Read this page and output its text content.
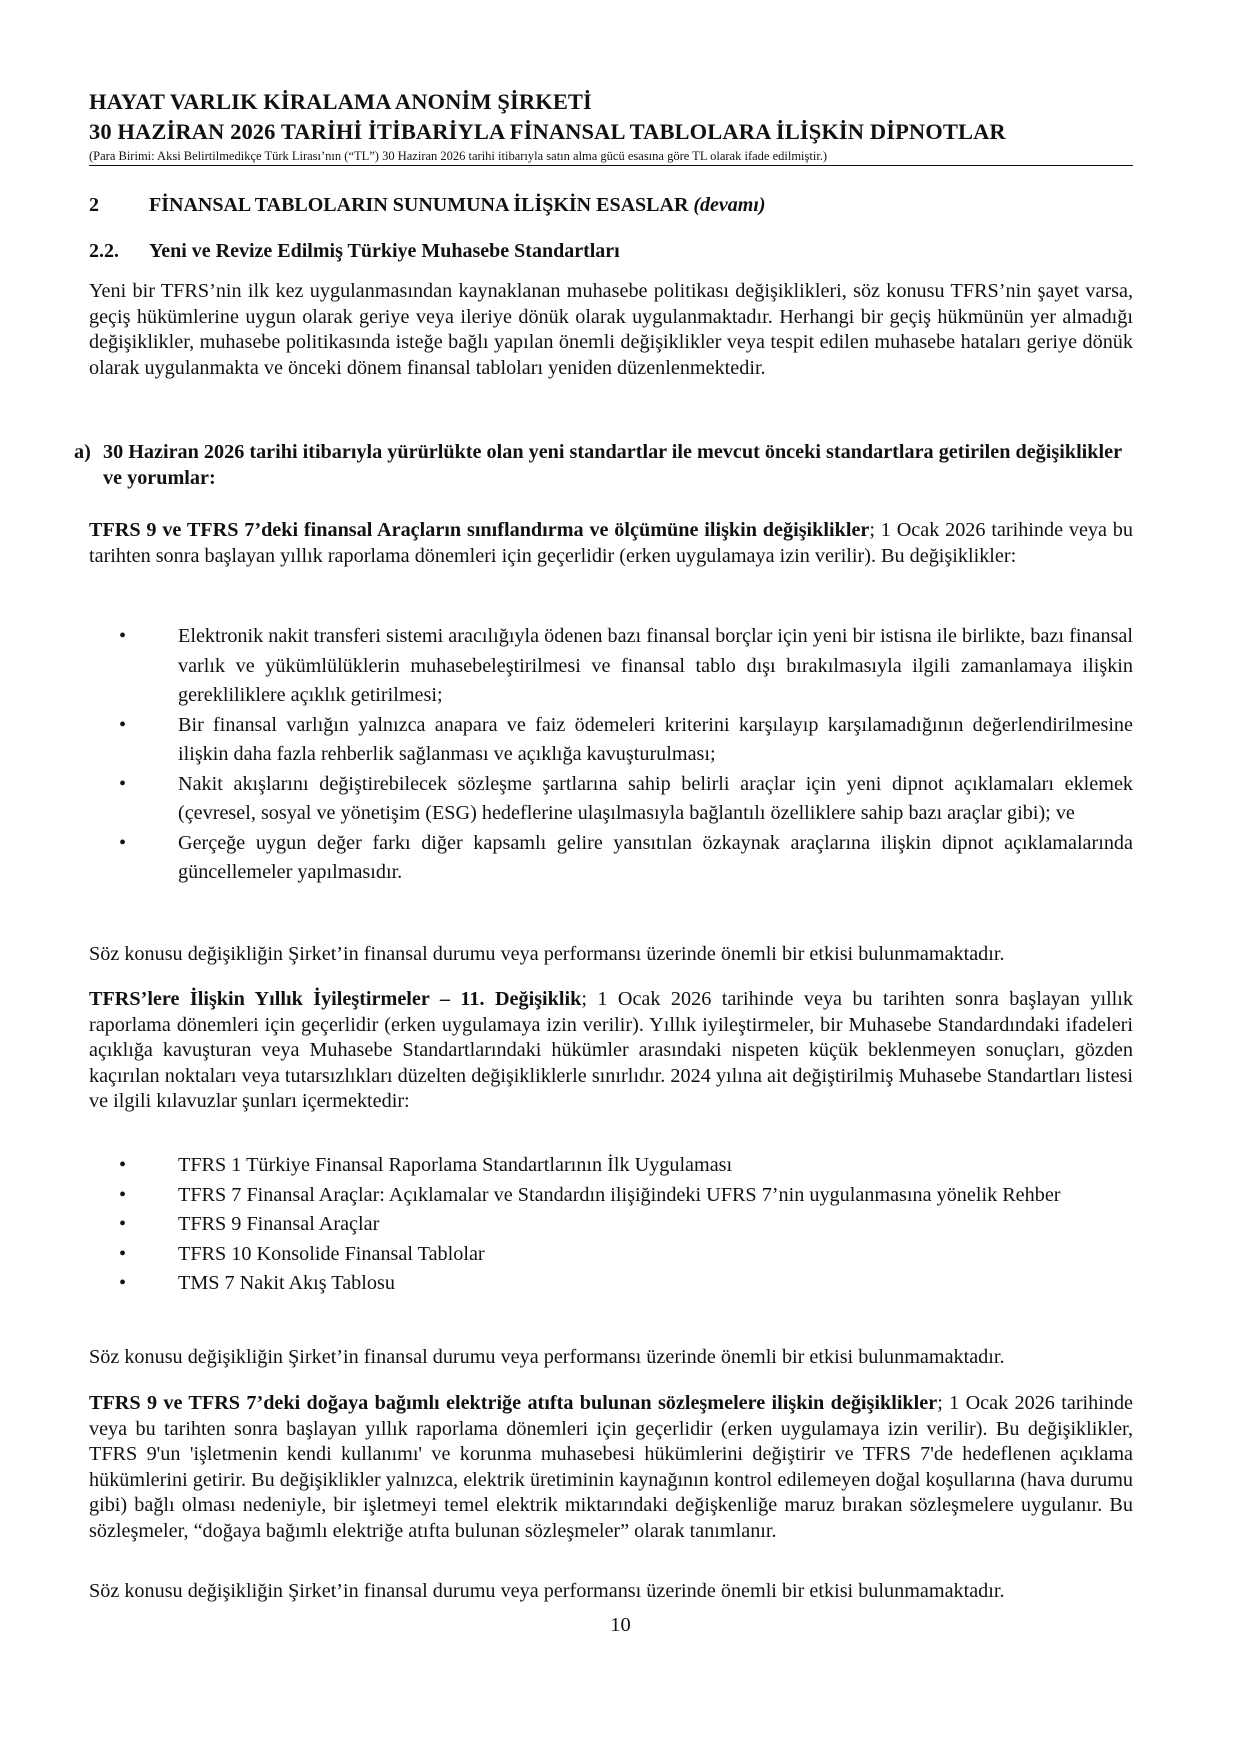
HAYAT VARLIK KİRALAMA ANONİM ŞİRKETİ
30 HAZİRAN 2026 TARİHİ İTİBARİYLA FİNANSAL TABLOLARA İLİŞKİN DİPNOTLAR
(Para Birimi: Aksi Belirtilmedikçe Türk Lirası’nın (“TL”) 30 Haziran 2026 tarihi itibarıyla satın alma gücü esasına göre TL olarak ifade edilmiştir.)
2	FİNANSAL TABLOLARIN SUNUMUNA İLİŞKİN ESASLAR (devamı)
2.2. Yeni ve Revize Edilmiş Türkiye Muhasebe Standartları
Yeni bir TFRS’nin ilk kez uygulanmasından kaynaklanan muhasebe politikası değişiklikleri, söz konusu TFRS’nin şayet varsa, geçiş hükümlerine uygun olarak geriye veya ileriye dönük olarak uygulanmaktadır. Herhangi bir geçiş hükmünün yer almadığı değişiklikler, muhasebe politikasında isteğe bağlı yapılan önemli değişiklikler veya tespit edilen muhasebe hataları geriye dönük olarak uygulanmakta ve önceki dönem finansal tabloları yeniden düzenlenmektedir.
a) 30 Haziran 2026 tarihi itibarıyla yürürlükte olan yeni standartlar ile mevcut önceki standartlara getirilen değişiklikler ve yorumlar:
TFRS 9 ve TFRS 7’deki finansal Araçların sınıflandırma ve ölçümüne ilişkin değişiklikler; 1 Ocak 2026 tarihinde veya bu tarihten sonra başlayan yıllık raporlama dönemleri için geçerlidir (erken uygulamaya izin verilir). Bu değişiklikler:
•	Elektronik nakit transferi sistemi aracılığıyla ödenen bazı finansal borçlar için yeni bir istisna ile birlikte, bazı finansal varlık ve yükümlülüklerin muhasebeleştirilmesi ve finansal tablo dışı bırakılmasıyla ilgili zamanlamaya ilişkin gerekliliklere açıklık getirilmesi;
•	Bir finansal varlığın yalnızca anapara ve faiz ödemeleri kriterini karşılayıp karşılamadığının değerlendirilmesine ilişkin daha fazla rehberlik sağlanması ve açıklığa kavuşturulması;
•	Nakit akışlarını değiştirebilecek sözleşme şartlarına sahip belirli araçlar için yeni dipnot açıklamaları eklemek (çevresel, sosyal ve yönetişim (ESG) hedeflerine ulaşılmasıyla bağlantılı özelliklere sahip bazı araçlar gibi); ve
•	Gerçeğe uygun değer farkı diğer kapsamlı gelire yansıtılan özkaynak araçlarına ilişkin dipnot açıklamalarında güncellemeler yapılmasıdır.
Söz konusu değişikliğin Şirket’in finansal durumu veya performansı üzerinde önemli bir etkisi bulunmamaktadır.
TFRS’lere İlişkin Yıllık İyileştirmeler – 11. Değişiklik; 1 Ocak 2026 tarihinde veya bu tarihten sonra başlayan yıllık raporlama dönemleri için geçerlidir (erken uygulamaya izin verilir). Yıllık iyileştirmeler, bir Muhasebe Standardındaki ifadeleri açıklığa kavuşturan veya Muhasebe Standartlarındaki hükümler arasındaki nispeten küçük beklenmeyen sonuçları, gözden kaçırılan noktaları veya tutarsızlıkları düzelten değişikliklerle sınırlıdır. 2024 yılına ait değiştirilmiş Muhasebe Standartları listesi ve ilgili kılavuzlar şunları içermektedir:
•	TFRS 1 Türkiye Finansal Raporlama Standartlarının İlk Uygulaması
•	TFRS 7 Finansal Araçlar: Açıklamalar ve Standardın ilişiğindeki UFRS 7’nin uygulanmasına yönelik Rehber
•	TFRS 9 Finansal Araçlar
•	TFRS 10 Konsolide Finansal Tablolar
•	TMS 7 Nakit Akış Tablosu
Söz konusu değişikliğin Şirket’in finansal durumu veya performansı üzerinde önemli bir etkisi bulunmamaktadır.
TFRS 9 ve TFRS 7’deki doğaya bağımlı elektriğe atıfta bulunan sözleşmelere ilişkin değişiklikler; 1 Ocak 2026 tarihinde veya bu tarihten sonra başlayan yıllık raporlama dönemleri için geçerlidir (erken uygulamaya izin verilir). Bu değişiklikler, TFRS 9'un 'işletmenin kendi kullanımı' ve korunma muhasebesi hükümlerini değiştirir ve TFRS 7'de hedeflenen açıklama hükümlerini getirir. Bu değişiklikler yalnızca, elektrik üretiminin kaynağının kontrol edilemeyen doğal koşullarına (hava durumu gibi) bağlı olması nedeniyle, bir işletmeyi temel elektrik miktarındaki değişkenliğe maruz bırakan sözleşmelere uygulanır. Bu sözleşmeler, “doğaya bağımlı elektriğe atıfta bulunan sözleşmeler” olarak tanımlanır.
Söz konusu değişikliğin Şirket’in finansal durumu veya performansı üzerinde önemli bir etkisi bulunmamaktadır.
10
